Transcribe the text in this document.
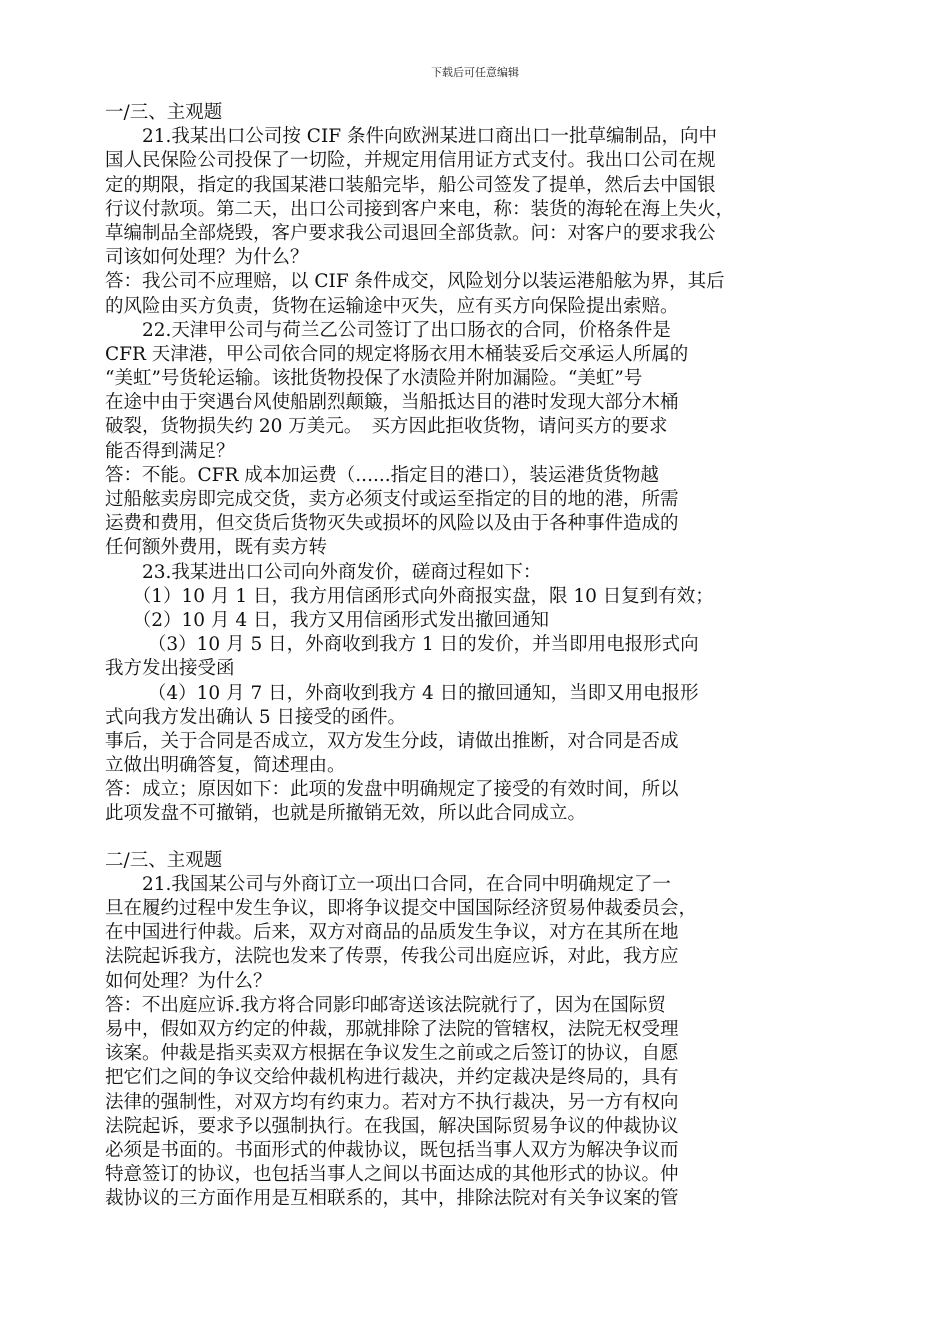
下载后可任意编辑
一/三、主观题
　　21.我某出口公司按 CIF 条件向欧洲某进口商出口一批草编制品，向中
国人民保险公司投保了一切险，并规定用信用证方式支付。我出口公司在规
定的期限，指定的我国某港口装船完毕，船公司签发了提单，然后去中国银
行议付款项。第二天，出口公司接到客户来电，称：装货的海轮在海上失火，
草编制品全部烧毁，客户要求我公司退回全部货款。问：对客户的要求我公
司该如何处理？为什么？
答：我公司不应理赔，以 CIF 条件成交，风险划分以装运港船舷为界，其后
的风险由买方负责，货物在运输途中灭失，应有买方向保险提出索赔。
　　22.天津甲公司与荷兰乙公司签订了出口肠衣的合同，价格条件是
CFR 天津港，甲公司依合同的规定将肠衣用木桶装妥后交承运人所属的
“美虹”号货轮运输。该批货物投保了水渍险并附加漏险。“美虹”号
在途中由于突遇台风使船剧烈颠簸，当船抵达目的港时发现大部分木桶
破裂，货物损失约 20 万美元。　买方因此拒收货物，请问买方的要求
能否得到满足？
答：不能。CFR 成本加运费（......指定目的港口），装运港货货物越
过船舷卖房即完成交货，卖方必须支付或运至指定的目的地的港，所需
运费和费用，但交货后货物灭失或损坏的风险以及由于各种事件造成的
任何额外费用，既有卖方转
　　23.我某进出口公司向外商发价，磋商过程如下：
　　（1）10 月 1 日，我方用信函形式向外商报实盘，限 10 日复到有效；
　　（2）10 月 4 日，我方又用信函形式发出撤回通知
　　 （3）10 月 5 日，外商收到我方 1 日的发价，并当即用电报形式向
我方发出接受函
　　 （4）10 月 7 日，外商收到我方 4 日的撤回通知，当即又用电报形
式向我方发出确认 5 日接受的函件。
事后，关于合同是否成立，双方发生分歧，请做出推断，对合同是否成
立做出明确答复，简述理由。
答：成立；原因如下：此项的发盘中明确规定了接受的有效时间，所以
此项发盘不可撤销，也就是所撤销无效，所以此合同成立。
二/三、主观题
　　21.我国某公司与外商订立一项出口合同，在合同中明确规定了一
旦在履约过程中发生争议，即将争议提交中国国际经济贸易仲裁委员会，
在中国进行仲裁。后来，双方对商品的品质发生争议，对方在其所在地
法院起诉我方，法院也发来了传票，传我公司出庭应诉，对此，我方应
如何处理？为什么？
答：不出庭应诉.我方将合同影印邮寄送该法院就行了，因为在国际贸
易中，假如双方约定的仲裁，那就排除了法院的管辖权，法院无权受理
该案。仲裁是指买卖双方根据在争议发生之前或之后签订的协议，自愿
把它们之间的争议交给仲裁机构进行裁决，并约定裁决是终局的，具有
法律的强制性，对双方均有约束力。若对方不执行裁决，另一方有权向
法院起诉，要求予以强制执行。在我国，解决国际贸易争议的仲裁协议
必须是书面的。书面形式的仲裁协议，既包括当事人双方为解决争议而
特意签订的协议，也包括当事人之间以书面达成的其他形式的协议。仲
裁协议的三方面作用是互相联系的，其中，排除法院对有关争议案的管
